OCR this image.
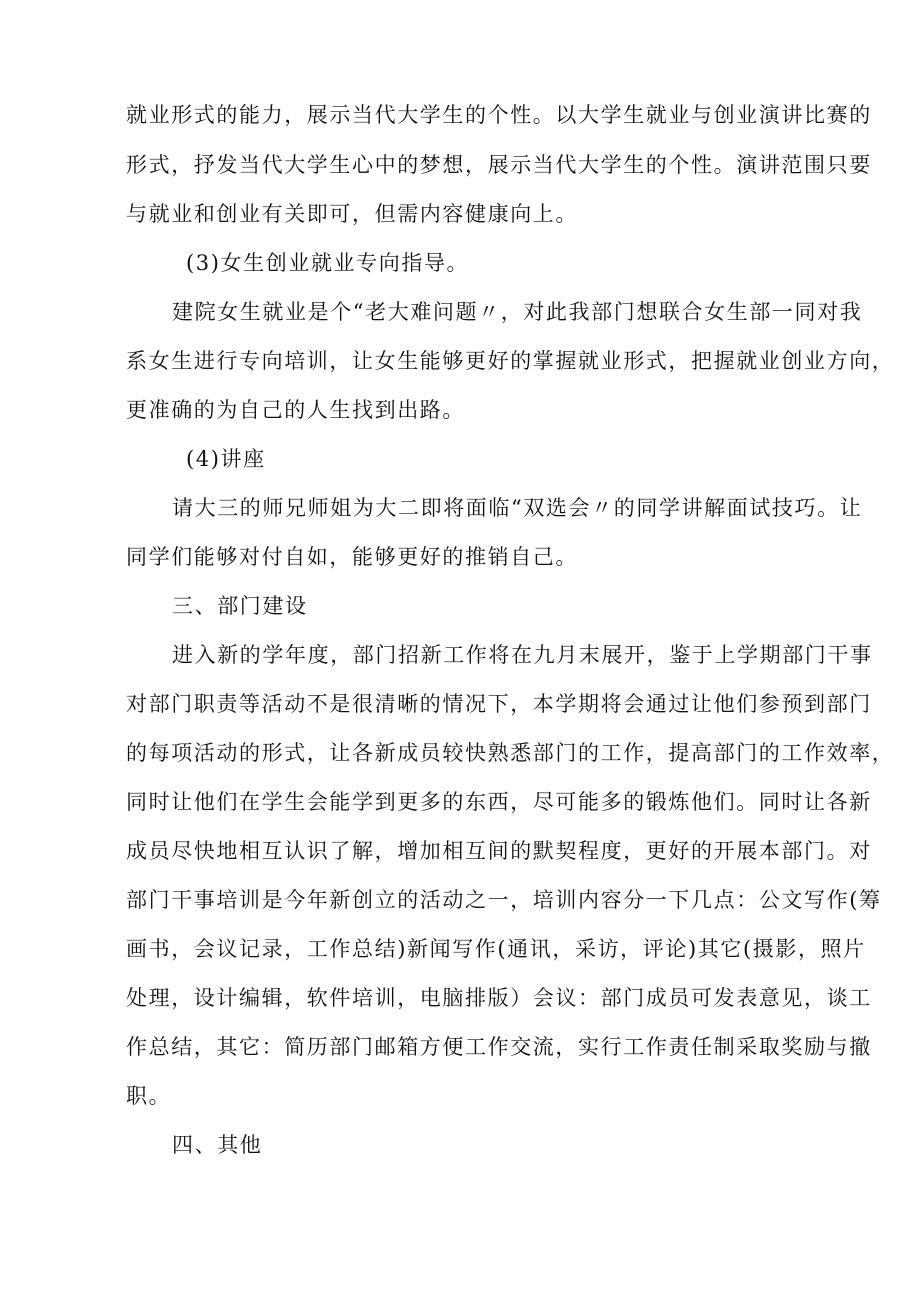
就业形式的能力，展示当代大学生的个性。以大学生就业与创业演讲比赛的
形式，抒发当代大学生心中的梦想，展示当代大学生的个性。演讲范围只要
与就业和创业有关即可，但需内容健康向上。
(3)女生创业就业专向指导。
建院女生就业是个“老大难问题〃，对此我部门想联合女生部一同对我
系女生进行专向培训，让女生能够更好的掌握就业形式，把握就业创业方向，
更准确的为自己的人生找到出路。
(4)讲座
请大三的师兄师姐为大二即将面临“双选会〃的同学讲解面试技巧。让
同学们能够对付自如，能够更好的推销自己。
三、部门建设
进入新的学年度，部门招新工作将在九月末展开，鉴于上学期部门干事
对部门职责等活动不是很清晰的情况下，本学期将会通过让他们参预到部门
的每项活动的形式，让各新成员较快熟悉部门的工作，提高部门的工作效率，
同时让他们在学生会能学到更多的东西，尽可能多的锻炼他们。同时让各新
成员尽快地相互认识了解，增加相互间的默契程度，更好的开展本部门。对
部门干事培训是今年新创立的活动之一，培训内容分一下几点：公文写作(筹
画书，会议记录，工作总结)新闻写作(通讯，采访，评论)其它(摄影，照片
处理，设计编辑，软件培训，电脑排版）会议：部门成员可发表意见，谈工
作总结，其它：简历部门邮箱方便工作交流，实行工作责任制采取奖励与撤
职。
四、其他
